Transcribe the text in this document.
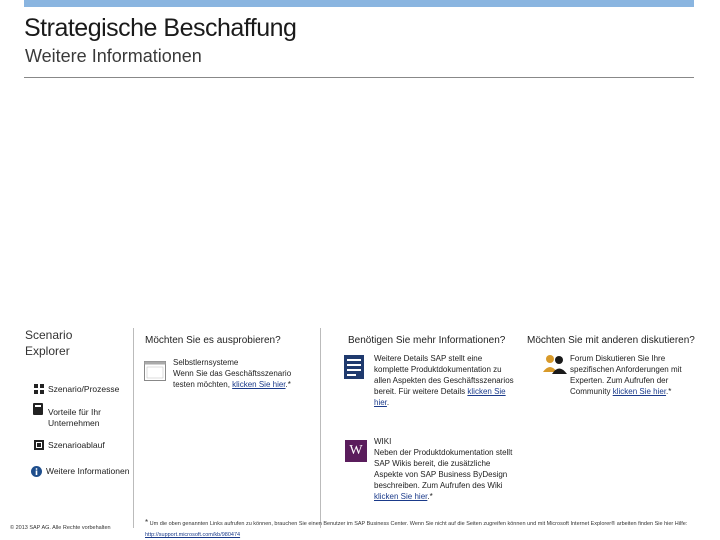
Strategische Beschaffung
Weitere Informationen
Scenario
Explorer
Szenario/Prozesse
Vorteile für Ihr Unternehmen
Szenarioablauf
Weitere Informationen
© 2013 SAP AG. Alle Rechte vorbehalten
Möchten Sie es ausprobieren?
Selbstlernsysteme
Wenn Sie das Geschäftsszenario
testen möchten, klicken Sie hier.*
Benötigen Sie mehr Informationen?
Weitere Details SAP stellt eine komplette Produktdokumentation zu allen Aspekten des Geschäftsszenarios bereit. Für weitere Details klicken Sie hier.
W
WIKI
Neben der Produktdokumentation stellt SAP Wikis bereit, die zusätzliche Aspekte von SAP Business ByDesign beschreiben. Zum Aufrufen des Wiki klicken Sie hier.*
Möchten Sie mit anderen diskutieren?
Forum Diskutieren Sie Ihre spezifischen Anforderungen mit Experten. Zum Aufrufen der Community klicken Sie hier.*
* Um die oben genannten Links aufrufen zu können, brauchen Sie einen Benutzer im SAP Business Center. Wenn Sie nicht auf die Seiten zugreifen können und mit Microsoft Internet Explorer® arbeiten finden Sie hier Hilfe: http://support.microsoft.com/kb/980474
